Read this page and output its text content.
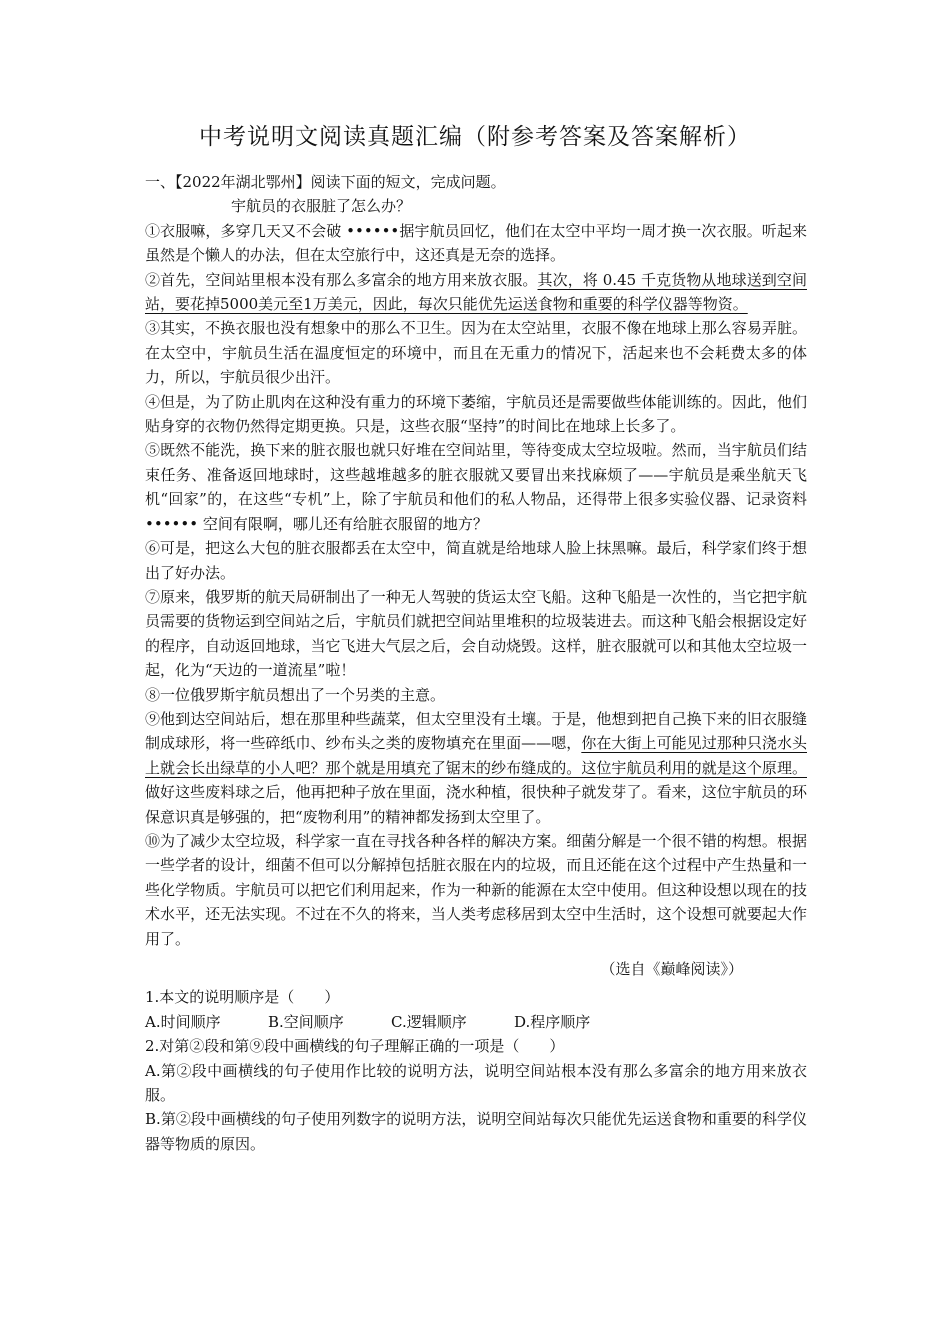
中考说明文阅读真题汇编（附参考答案及答案解析）

一、【2022年湖北鄂州】阅读下面的短文，完成问题。

宇航员的衣服脏了怎么办？

①衣服嘛，多穿几天又不会破 ••••••据宇航员回忆，他们在太空中平均一周才换一次衣服。听起来虽然是个懒人的办法，但在太空旅行中，这还真是无奈的选择。

②首先，空间站里根本没有那么多富余的地方用来放衣服。其次，将 0.45 千克货物从地球送到空间站，要花掉5000美元至1万美元，因此，每次只能优先运送食物和重要的科学仪器等物资。

③其实，不换衣服也没有想象中的那么不卫生。因为在太空站里，衣服不像在地球上那么容易弄脏。在太空中，宇航员生活在温度恒定的环境中，而且在无重力的情况下，活起来也不会耗费太多的体力，所以，宇航员很少出汗。

④但是，为了防止肌肉在这种没有重力的环境下萎缩，宇航员还是需要做些体能训练的。因此，他们贴身穿的衣物仍然得定期更换。只是，这些衣服“坚持”的时间比在地球上长多了。

⑤既然不能洗，换下来的脏衣服也就只好堆在空间站里，等待变成太空垃圾啦。然而，当宇航员们结束任务、准备返回地球时，这些越堆越多的脏衣服就又要冒出来找麻烦了——宇航员是乘坐航天飞机“回家”的，在这些“专机”上，除了宇航员和他们的私人物品，还得带上很多实验仪器、记录资料 •••••• 空间有限啊，哪儿还有给脏衣服留的地方？

⑥可是，把这么大包的脏衣服都丢在太空中，简直就是给地球人脸上抹黑嘛。最后，科学家们终于想出了好办法。

⑦原来，俄罗斯的航天局研制出了一种无人驾驶的货运太空飞船。这种飞船是一次性的，当它把宇航员需要的货物运到空间站之后，宇航员们就把空间站里堆积的垃圾装进去。而这种飞船会根据设定好的程序，自动返回地球，当它飞进大气层之后，会自动烧毁。这样，脏衣服就可以和其他太空垃圾一起，化为“天边的一道流星”啦！

⑧一位俄罗斯宇航员想出了一个另类的主意。

⑨他到达空间站后，想在那里种些蔬菜，但太空里没有土壤。于是，他想到把自己换下来的旧衣服缝制成球形，将一些碎纸巾、纱布头之类的废物填充在里面——嗯，你在大街上可能见过那种只浇水头上就会长出绿草的小人吧？那个就是用填充了锯末的纱布缝成的。这位宇航员利用的就是这个原理。做好这些废料球之后，他再把种子放在里面，浇水种植，很快种子就发芽了。看来，这位宇航员的环保意识真是够强的，把“废物利用”的精神都发扬到太空里了。

⑩为了减少太空垃圾，科学家一直在寻找各种各样的解决方案。细菌分解是一个很不错的构想。根据一些学者的设计，细菌不但可以分解掉包括脏衣服在内的垃圾，而且还能在这个过程中产生热量和一些化学物质。宇航员可以把它们利用起来，作为一种新的能源在太空中使用。但这种设想以现在的技术水平，还无法实现。不过在不久的将来，当人类考虑移居到太空中生活时，这个设想可就要起大作用了。

（选自《巅峰阅读》）

1.本文的说明顺序是（　　）

A.时间顺序	B.空间顺序	C.逻辑顺序	D.程序顺序

2.对第②段和第⑨段中画横线的句子理解正确的一项是（　　）

A.第②段中画横线的句子使用作比较的说明方法，说明空间站根本没有那么多富余的地方用来放衣服。

B.第②段中画横线的句子使用列数字的说明方法，说明空间站每次只能优先运送食物和重要的科学仪器等物质的原因。
